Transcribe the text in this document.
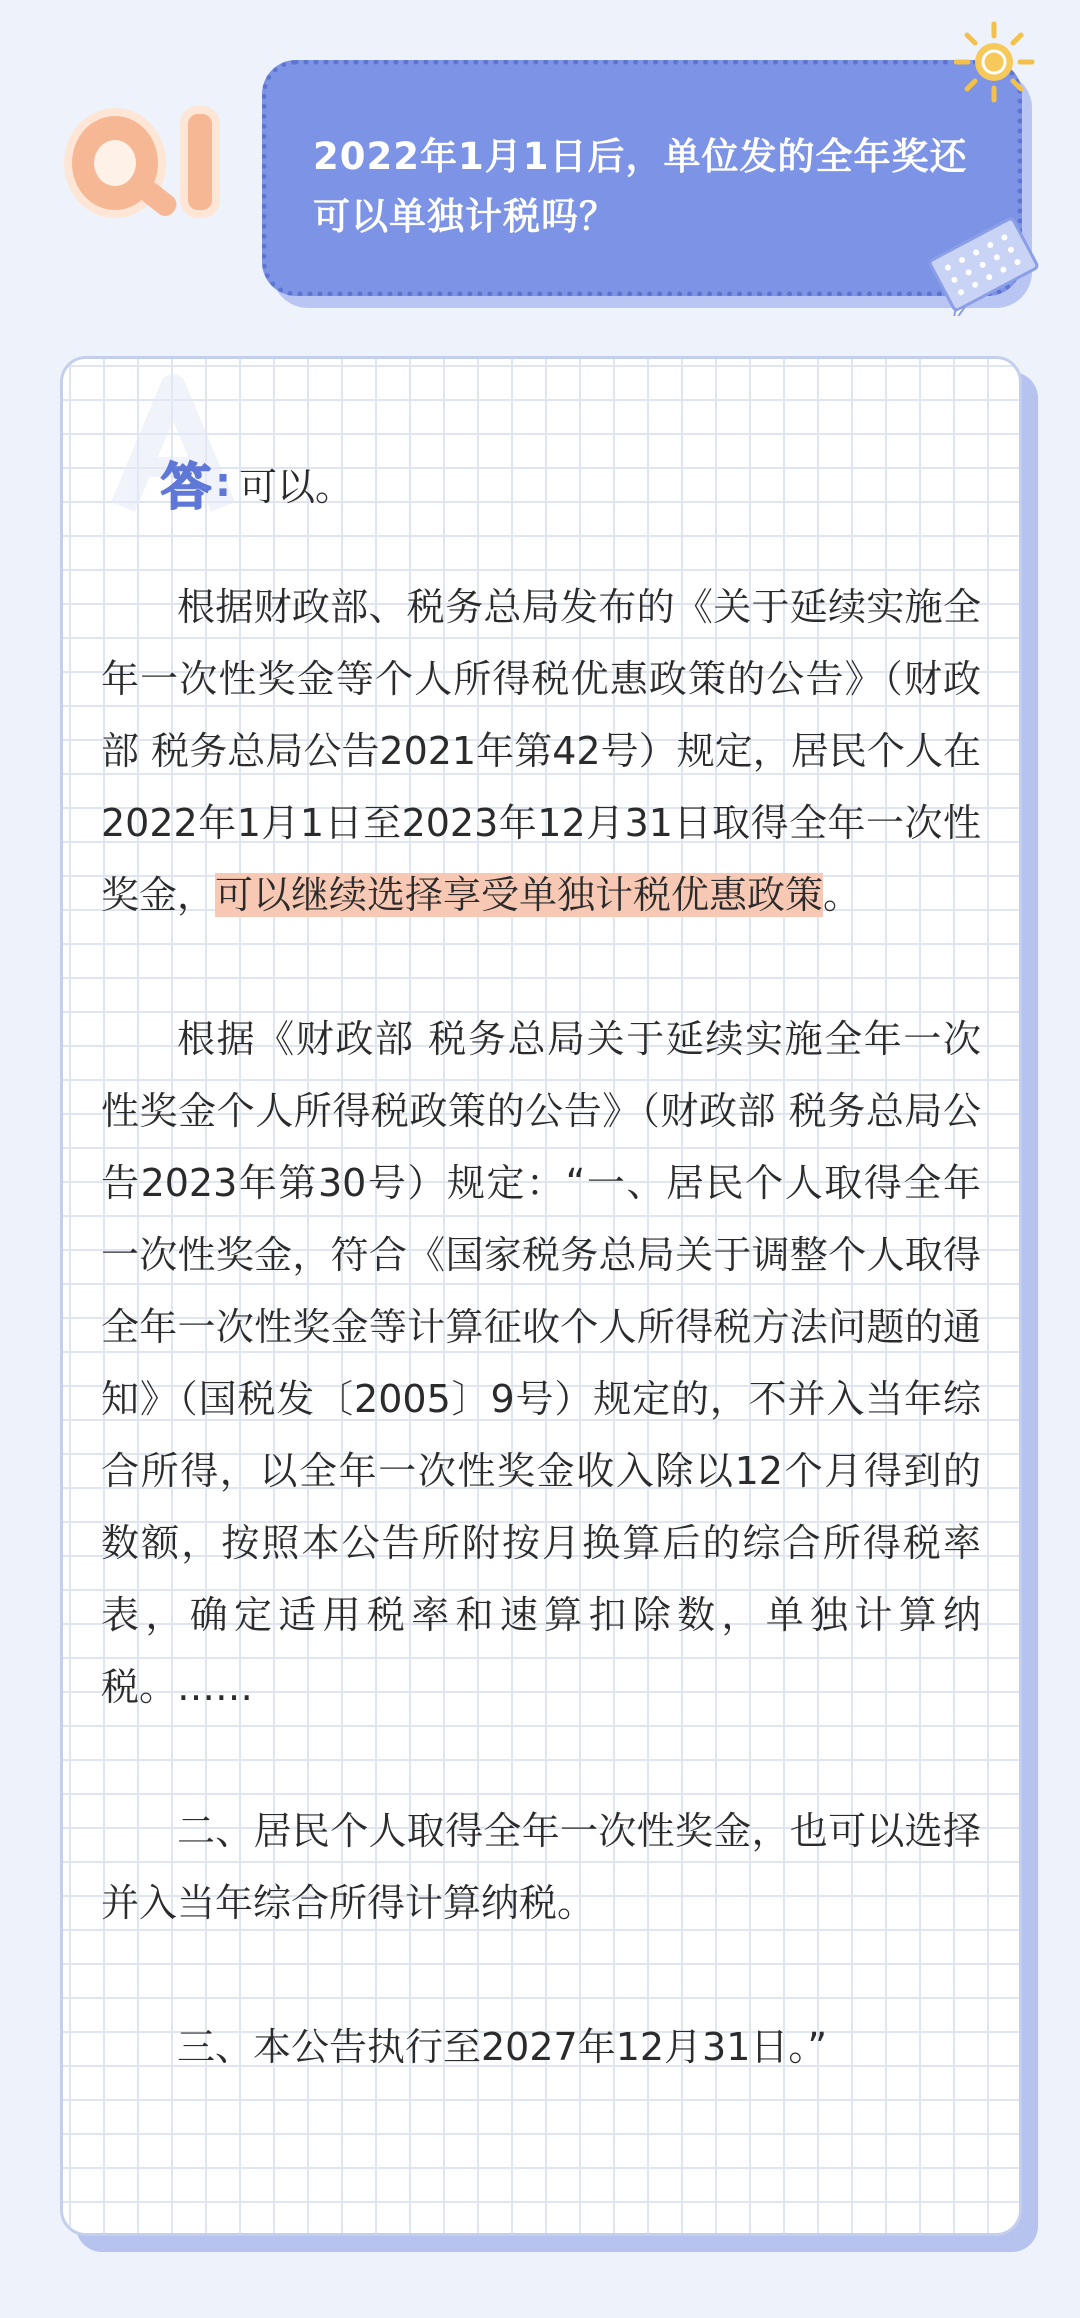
2022年1月1日后，单位发的全年奖还可以单独计税吗？
答 : 可以。

根据财政部、税务总局发布的《关于延续实施全年一次性奖金等个人所得税优惠政策的公告》（财政部 税务总局公告2021年第42号）规定，居民个人在2022年1月1日至2023年12月31日取得全年一次性奖金，可以继续选择享受单独计税优惠政策。

根据《财政部 税务总局关于延续实施全年一次性奖金个人所得税政策的公告》（财政部 税务总局公告2023年第30号）规定：“一、居民个人取得全年一次性奖金，符合《国家税务总局关于调整个人取得全年一次性奖金等计算征收个人所得税方法问题的通知》（国税发〔2005〕9号）规定的，不并入当年综合所得，以全年一次性奖金收入除以12个月得到的数额，按照本公告所附按月换算后的综合所得税率表，确定适用税率和速算扣除数，单独计算纳税。……

二、居民个人取得全年一次性奖金，也可以选择并入当年综合所得计算纳税。

三、本公告执行至2027年12月31日。”
